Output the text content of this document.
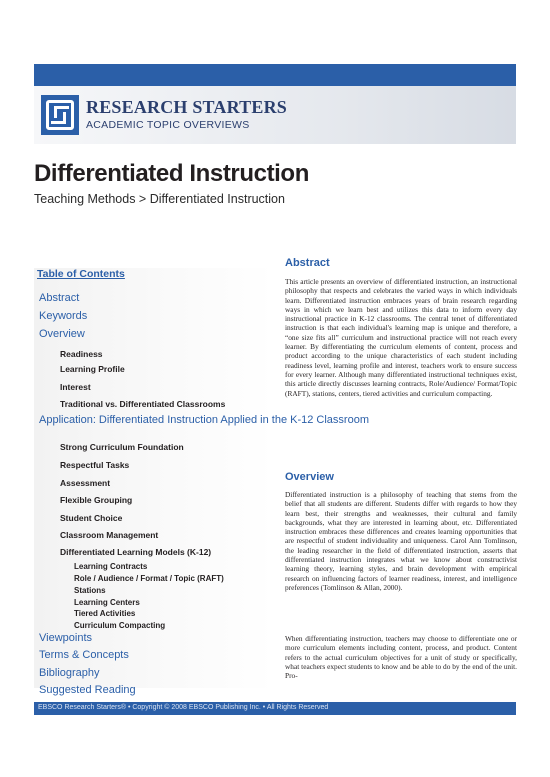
RESEARCH STARTERS
ACADEMIC TOPIC OVERVIEWS
Differentiated Instruction
Teaching Methods > Differentiated Instruction
Table of Contents
Abstract
Keywords
Overview
Readiness
Learning Profile
Interest
Traditional vs. Differentiated Classrooms
Application: Differentiated Instruction Applied in the K-12 Classroom
Strong Curriculum Foundation
Respectful Tasks
Assessment
Flexible Grouping
Student Choice
Classroom Management
Differentiated Learning Models (K-12)
Learning Contracts
Role / Audience / Format / Topic (RAFT) Stations
Learning Centers
Tiered Activities
Curriculum Compacting
Viewpoints
Terms & Concepts
Bibliography
Suggested Reading
Abstract

This article presents an overview of differentiated instruction, an instructional philosophy that respects and celebrates the varied ways in which individuals learn. Differentiated instruction embraces years of brain research regarding ways in which we learn best and utilizes this data to inform every day instructional practice in K-12 classrooms. The central tenet of differentiated instruction is that each individual's learning map is unique and therefore, a “one size fits all” curriculum and instructional practice will not reach every learner. By differentiating the curriculum elements of content, process and product according to the unique characteristics of each student including readiness level, learning profile and interest, teachers work to ensure success for every learner. Although many differentiated instructional techniques exist, this article directly discusses learning contracts, Role/Audience/ Format/Topic (RAFT), stations, centers, tiered activities and curriculum compacting.

Overview

Differentiated instruction is a philosophy of teaching that stems from the belief that all students are different. Students differ with regards to how they learn best, their strengths and weaknesses, their cultural and family backgrounds, what they are interested in learning about, etc. Differentiated instruction embraces these differences and creates learning opportunities that are respectful of student individuality and uniqueness. Carol Ann Tomlinson, the leading researcher in the field of differentiated instruction, asserts that differentiated instruction integrates what we know about constructivist learning theory, learning styles, and brain development with empirical research on influencing factors of learner readiness, interest, and intelligence preferences (Tomlinson & Allan, 2000).

When differentiating instruction, teachers may choose to differentiate one or more curriculum elements including content, process, and product. Content refers to the actual curriculum objectives for a unit of study or specifically, what teachers expect students to know and be able to do by the end of the unit. Pro-

EBSCO Research Starters® • Copyright © 2008 EBSCO Publishing Inc. • All Rights Reserved
